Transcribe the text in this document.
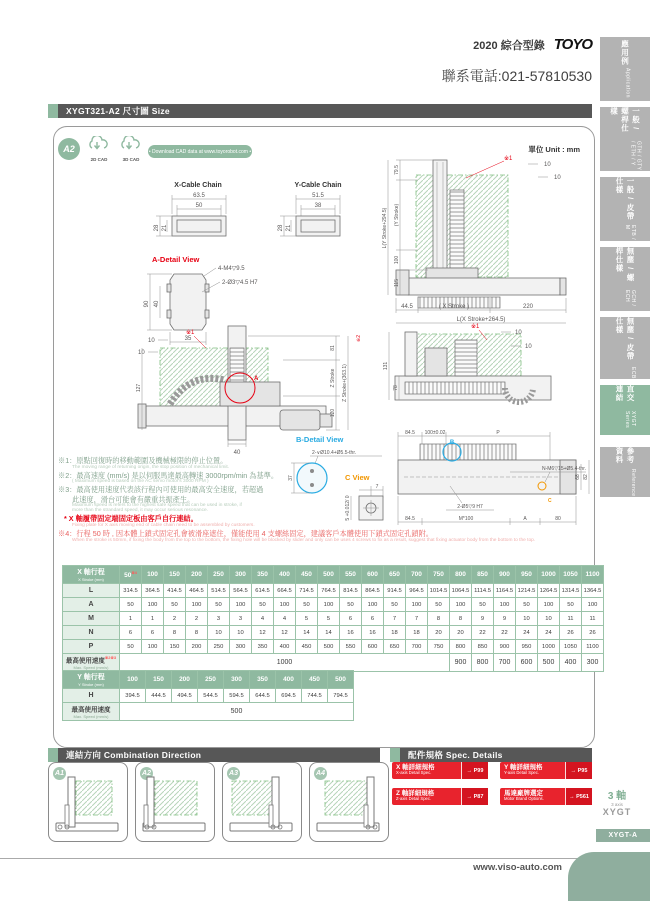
2020 綜合型錄 TOYO
聯系電話:021-57810530
應用例
Application
一般 / 螺桿仕樣
GTH / GTY / ETH / Y
一般 / 皮帶仕樣
ETB / M
無塵 / 螺桿仕樣
GCH / ECH
無塵 / 皮帶仕樣
ECB
直交連結
XYGT Series
參考資料
Reference
XYGT321-A2 尺寸圖 Size
單位 Unit : mm
A2
2D CAD	3D CAD
• Download CAD data at www.toyorobot.com •
X-Cable Chain
63.5
50
28 21
Y-Cable Chain
51.5
38
28 21
A-Detail View
4-M4▽9.5
2-Ø3▽4.5 H7
90 40
35
※1
10
10
79.5
(Y Stroke)
100
115
L(Y Stroke+294.5)
44.5	( X Stroke )	220
L(X Stroke+264.5)
A
※1
10
10
127
81
Z Stroke
120
Z Stroke+(363.1)
※2
40
※1
10
10
131
78
84.5 100±0.02	P
B
N-M6▽15+Ø5.4-thr.
68 82
2-Ø5▽9 H7
C
84.5	M*100	A	80
B-Detail View
2-∨Ø10.4+Ø5.5-thr.
37	C View
7
5 +0.012/ 0
※1：原點回復時的移動範圍及機械極限的停止位置。
The moving range of returning origin, the stop position of mechanical limit.
※2：最高速度 (mm/s) 是以伺服馬達最高轉速 3000rpm/min 為基準。
( Maximum speed is based on the AC servo motor's 3000 RPM )
※3：最高使用速度代表該行程內可使用的最高安全速度，若超過
此速度，滑台可能會有嚴重共振產生。
Maximum speed is refers to the highest safe speed that can be used in stroke, if
more than the strandard speed, it may occur serious resonance.
* X 軸履帶固定端固定板由客戶自行連結。
Fixing plate for X axis moving end of cable chain need to be assembled by customers.
※4：行程 50 時 , 因本體上鎖式固定孔會被滑座遮住，僅能使用 4 支螺絲固定，建議客戶本體使用下鎖式固定孔鎖附。
When the stroke is 50mm, if fixing the body from the top to the bottom, the fixing hole will be blocked by slider and only can be uses 4 screws to fix as a result, suggest that fixing actuator body from the bottom to the top.
X 軸行程
X Stroke (mm)	50$^{※4}$	100	150	200	250	300	350	400	450	500	550	600	650	700	750	800	850	900	950	1000	1050	1100
L	314.5	364.5	414.5	464.5	514.5	564.5	614.5	664.5	714.5	764.5	814.5	864.5	914.5	964.5	1014.5	1064.5	1114.5	1164.5	1214.5	1264.5	1314.5	1364.5
A	50	100	50	100	50	100	50	100	50	100	50	100	50	100	50	100	50	100	50	100	50	100
M	1	1	2	2	3	3	4	4	5	5	6	6	7	7	8	8	9	9	10	10	11	11
N	6	6	8	8	10	10	12	12	14	14	16	16	18	18	20	20	22	22	24	24	26	26
P	50	100	150	200	250	300	350	400	450	500	550	600	650	700	750	800	850	900	950	1000	1050	1100
最高使用速度$^{※2※3}$
Max. Speed (mm/s)	1000															900	800	700	600	500	400	300
Y 軸行程
Y Stroke (mm)	100	150	200	250	300	350	400	450	500
H	394.5	444.5	494.5	544.5	594.5	644.5	694.5	744.5	794.5
最高使用速度
Max. Speed (mm/s)	500								
連結方向 Combination Direction
A1	A2	A3	A4
配件規格 Spec. Details
X 軸詳細規格
X-axis Detail Spec.	→ P99	Y 軸詳細規格
Y-axis Detail Spec.	→ P95
Z 軸詳細規格
Z-axis Detail Spec.	→ P87	馬達廠牌選定
Motor Brand Options.	→ P561	3 軸
3 axis
XYGT
XYGT-A
www.viso-auto.com
